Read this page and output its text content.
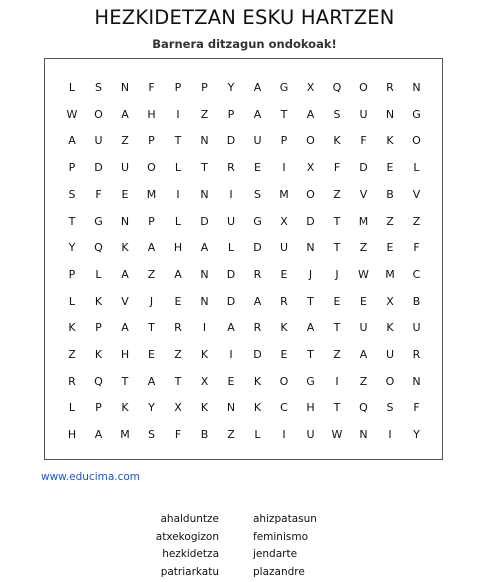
HEZKIDETZAN ESKU HARTZEN
Barnera ditzagun ondokoak!
L	S	N	F	P	P	Y	A	G	X	Q	O	R	N
W	O	A	H	I	Z	P	A	T	A	S	U	N	G
A	U	Z	P	T	N	D	U	P	O	K	F	K	O
P	D	U	O	L	T	R	E	I	X	F	D	E	L
S	F	E	M	I	N	I	S	M	O	Z	V	B	V
T	G	N	P	L	D	U	G	X	D	T	M	Z	Z
Y	Q	K	A	H	A	L	D	U	N	T	Z	E	F
P	L	A	Z	A	N	D	R	E	J	J	W	M	C
L	K	V	J	E	N	D	A	R	T	E	E	X	B
K	P	A	T	R	I	A	R	K	A	T	U	K	U
Z	K	H	E	Z	K	I	D	E	T	Z	A	U	R
R	Q	T	A	T	X	E	K	O	G	I	Z	O	N
L	P	K	Y	X	K	N	K	C	H	T	Q	S	F
H	A	M	S	F	B	Z	L	I	U	W	N	I	Y
www.educima.com
ahalduntze
atxekogizon
hezkidetza
patriarkatu
ahizpatasun
feminismo
jendarte
plazandre
